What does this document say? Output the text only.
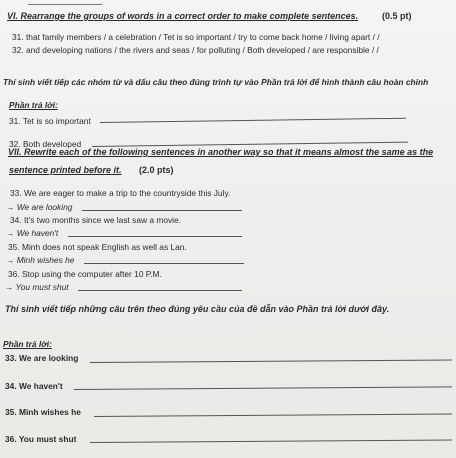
VI. Rearrange the groups of words in a correct order to make complete sentences.	(0.5 pt)
31. that family members / a celebration / Tet is so important / try to come back home / living apart / /
32. and developing nations / the rivers and seas / for polluting / Both developed / are responsible / /
Thí sinh viết tiếp các nhóm từ và dấu câu theo đúng trình tự vào Phần trả lời để hình thành câu hoàn chỉnh
Phần trả lời:
31. Tet is so important
32. Both developed
VII. Rewrite each of the following sentences in another way so that it means almost the same as the
sentence printed before it. (2.0 pts)
33. We are eager to make a trip to the countryside this July.
→ We are looking
34. It's two months since we last saw a movie.
→ We haven't
35. Minh does not speak English as well as Lan.
→ Minh wishes he
36. Stop using the computer after 10 P.M.
→ You must shut
Thí sinh viết tiếp những câu trên theo đúng yêu cầu của đề dẫn vào Phần trả lời dưới đây.
Phần trả lời:
33. We are looking
34. We haven't
35. Minh wishes he
36. You must shut
